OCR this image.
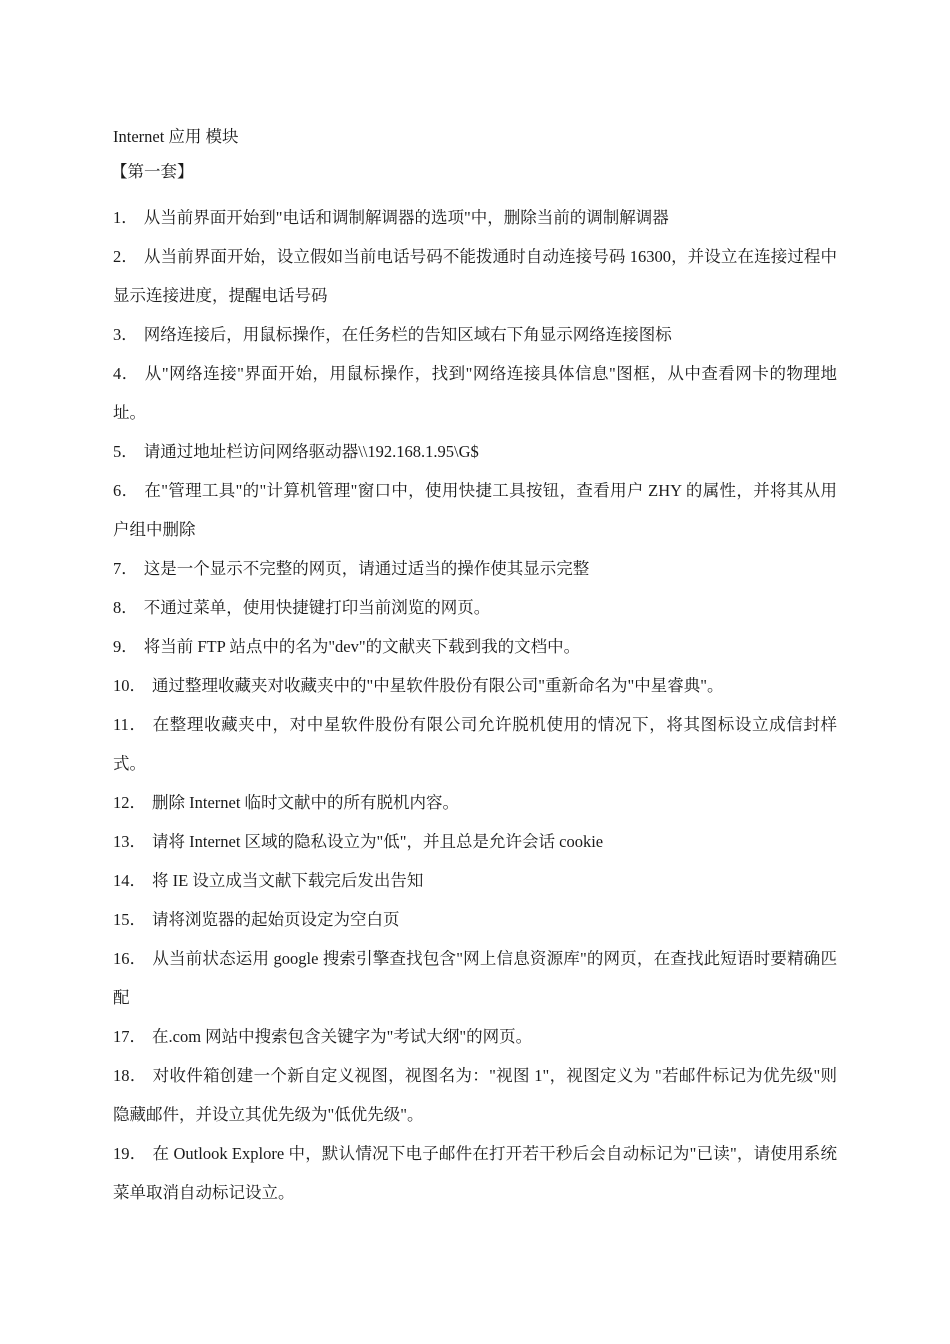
Internet 应用 模块
【第一套】
1． 从当前界面开始到"电话和调制解调器的选项"中，删除当前的调制解调器
2． 从当前界面开始，设立假如当前电话号码不能拨通时自动连接号码 16300，并设立在连接过程中显示连接进度，提醒电话号码
3． 网络连接后，用鼠标操作，在任务栏的告知区域右下角显示网络连接图标
4． 从"网络连接"界面开始，用鼠标操作，找到"网络连接具体信息"图框，从中查看网卡的物理地址。
5． 请通过地址栏访问网络驱动器\\192.168.1.95\G$
6． 在"管理工具"的"计算机管理"窗口中，使用快捷工具按钮，查看用户 ZHY 的属性，并将其从用户组中删除
7． 这是一个显示不完整的网页，请通过适当的操作使其显示完整
8． 不通过菜单，使用快捷键打印当前浏览的网页。
9． 将当前 FTP 站点中的名为"dev"的文献夹下载到我的文档中。
10． 通过整理收藏夹对收藏夹中的"中星软件股份有限公司"重新命名为"中星睿典"。
11． 在整理收藏夹中，对中星软件股份有限公司允许脱机使用的情况下，将其图标设立成信封样式。
12． 删除 Internet 临时文献中的所有脱机内容。
13． 请将 Internet 区域的隐私设立为"低"，并且总是允许会话 cookie
14． 将 IE 设立成当文献下载完后发出告知
15． 请将浏览器的起始页设定为空白页
16． 从当前状态运用 google 搜索引擎查找包含"网上信息资源库"的网页，在查找此短语时要精确匹配
17． 在.com 网站中搜索包含关键字为"考试大纲"的网页。
18． 对收件箱创建一个新自定义视图，视图名为："视图 1"，视图定义为 "若邮件标记为优先级"则隐藏邮件，并设立其优先级为"低优先级"。
19． 在 Outlook Explore 中，默认情况下电子邮件在打开若干秒后会自动标记为"已读"，请使用系统菜单取消自动标记设立。
